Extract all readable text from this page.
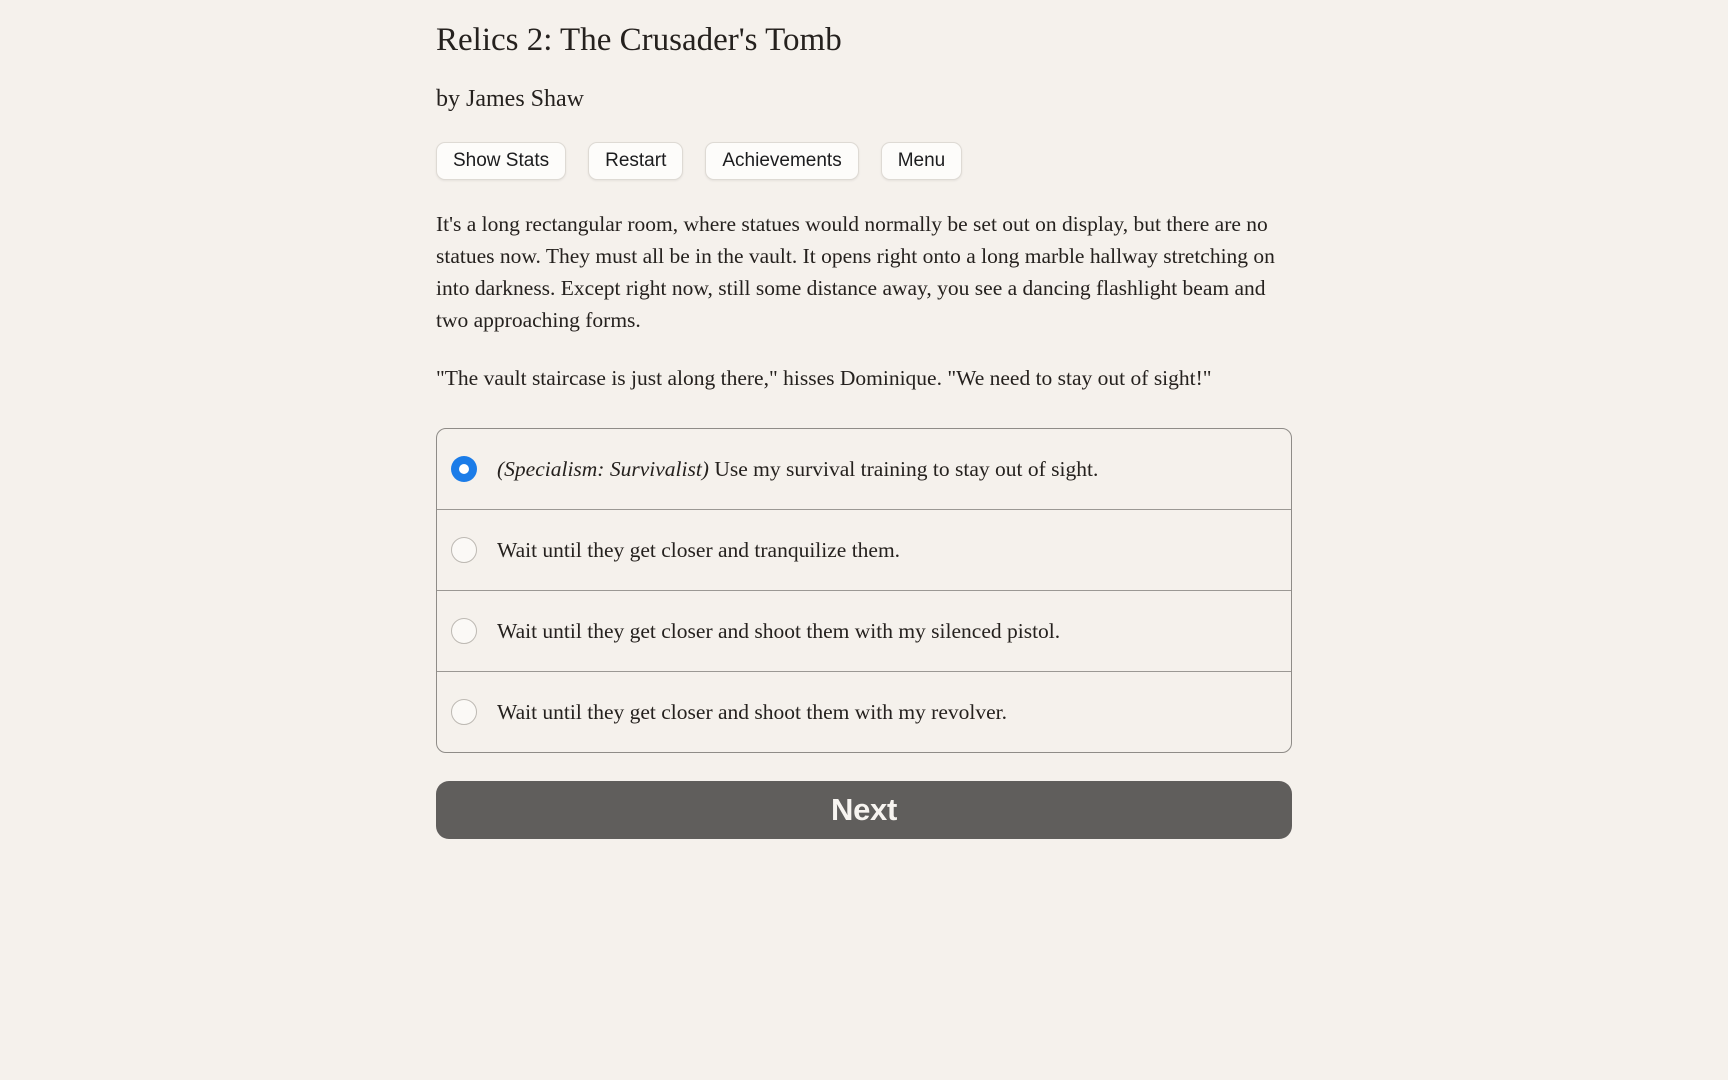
Relics 2: The Crusader's Tomb
by James Shaw
Show Stats	Restart	Achievements	Menu

It's a long rectangular room, where statues would normally be set out on display, but there are no statues now. They must all be in the vault. It opens right onto a long marble hallway stretching on into darkness. Except right now, still some distance away, you see a dancing flashlight beam and two approaching forms.

"The vault staircase is just along there," hisses Dominique. "We need to stay out of sight!"

(Specialism: Survivalist) Use my survival training to stay out of sight.
Wait until they get closer and tranquilize them.
Wait until they get closer and shoot them with my silenced pistol.
Wait until they get closer and shoot them with my revolver.
Next
